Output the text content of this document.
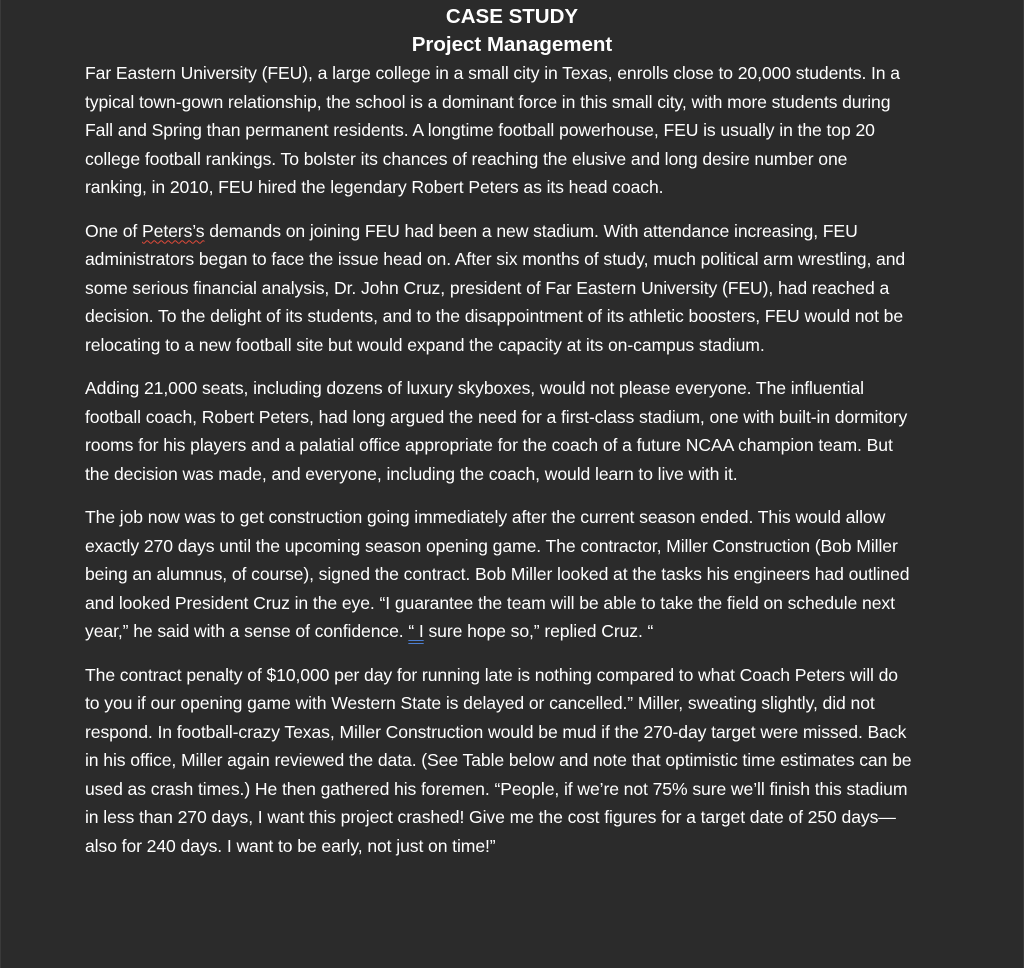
CASE STUDY
Project Management

Far Eastern University (FEU), a large college in a small city in Texas, enrolls close to 20,000 students. In a typical town-gown relationship, the school is a dominant force in this small city, with more students during Fall and Spring than permanent residents. A longtime football powerhouse, FEU is usually in the top 20 college football rankings. To bolster its chances of reaching the elusive and long desire number one ranking, in 2010, FEU hired the legendary Robert Peters as its head coach.

One of Peters’s demands on joining FEU had been a new stadium. With attendance increasing, FEU administrators began to face the issue head on. After six months of study, much political arm wrestling, and some serious financial analysis, Dr. John Cruz, president of Far Eastern University (FEU), had reached a decision. To the delight of its students, and to the disappointment of its athletic boosters, FEU would not be relocating to a new football site but would expand the capacity at its on-campus stadium.

Adding 21,000 seats, including dozens of luxury skyboxes, would not please everyone. The influential football coach, Robert Peters, had long argued the need for a first-class stadium, one with built-in dormitory rooms for his players and a palatial office appropriate for the coach of a future NCAA champion team. But the decision was made, and everyone, including the coach, would learn to live with it.

The job now was to get construction going immediately after the current season ended. This would allow exactly 270 days until the upcoming season opening game. The contractor, Miller Construction (Bob Miller being an alumnus, of course), signed the contract. Bob Miller looked at the tasks his engineers had outlined and looked President Cruz in the eye. “I guarantee the team will be able to take the field on schedule next year,” he said with a sense of confidence. “ I sure hope so,” replied Cruz. “

The contract penalty of $10,000 per day for running late is nothing compared to what Coach Peters will do to you if our opening game with Western State is delayed or cancelled.” Miller, sweating slightly, did not respond. In football-crazy Texas, Miller Construction would be mud if the 270-day target were missed. Back in his office, Miller again reviewed the data. (See Table below and note that optimistic time estimates can be used as crash times.) He then gathered his foremen. “People, if we’re not 75% sure we’ll finish this stadium in less than 270 days, I want this project crashed! Give me the cost figures for a target date of 250 days—also for 240 days. I want to be early, not just on time!”
